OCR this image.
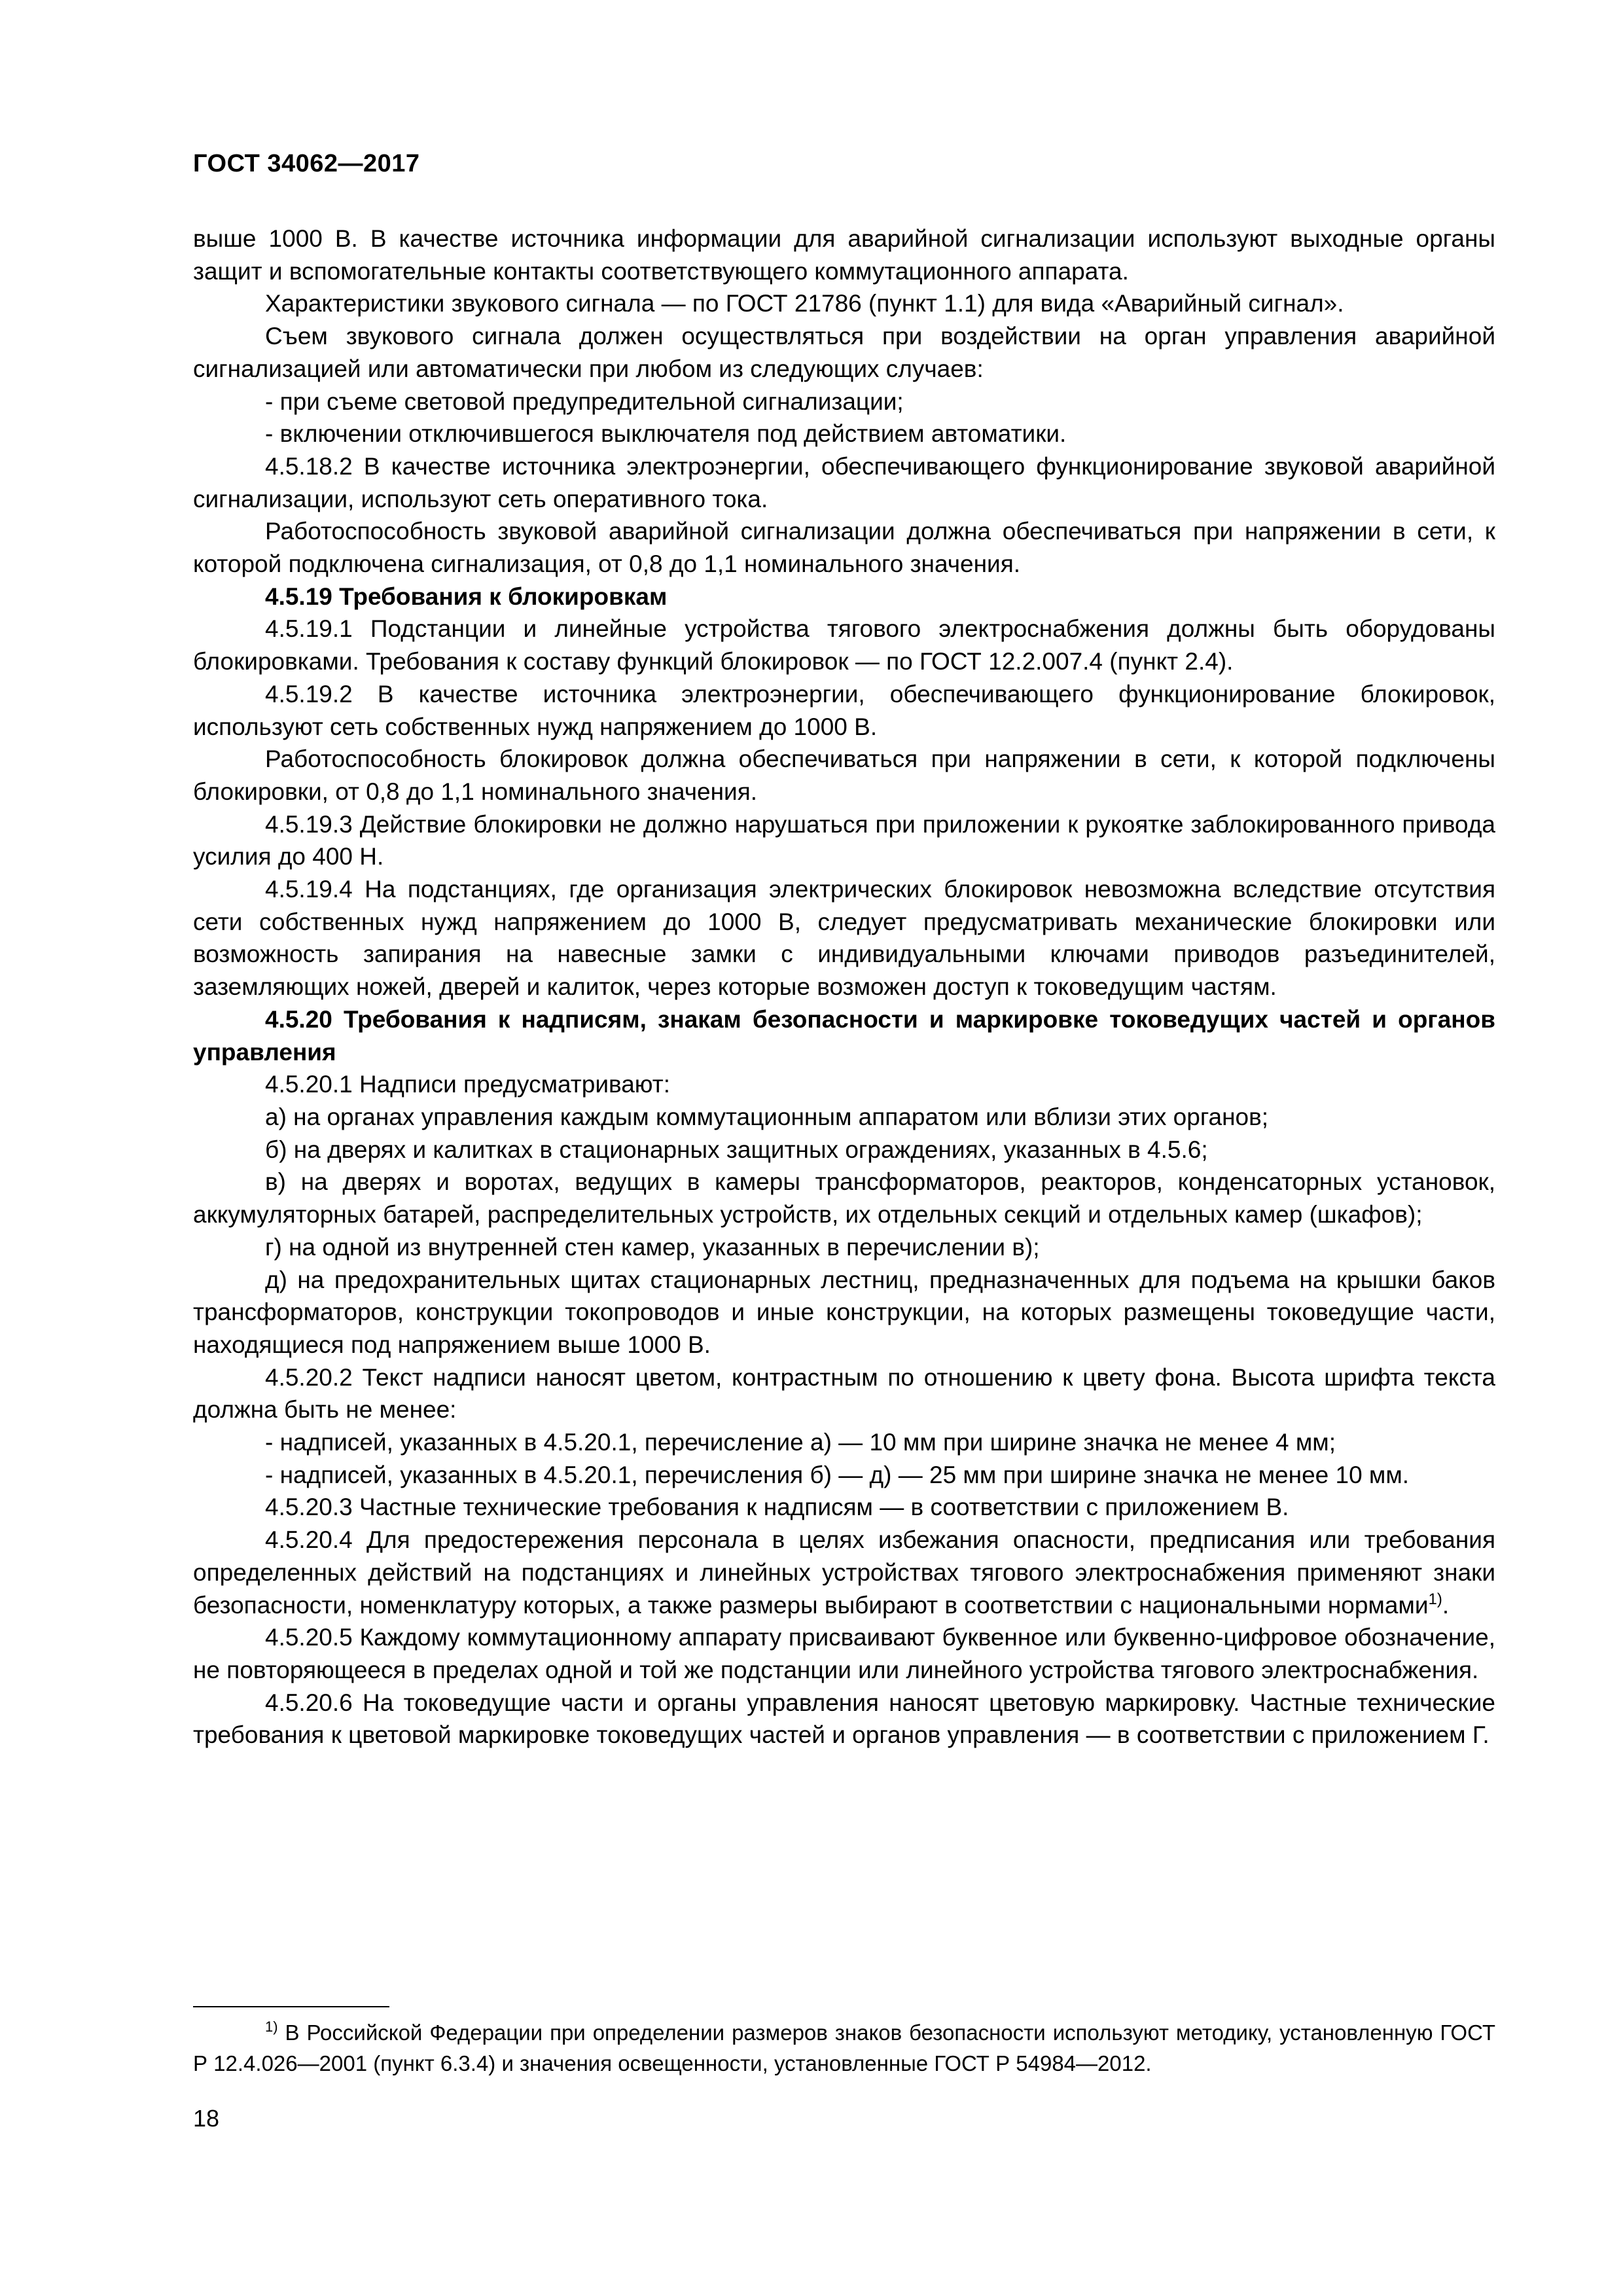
ГОСТ 34062—2017

выше 1000 В. В качестве источника информации для аварийной сигнализации используют выходные органы защит и вспомогательные контакты соответствующего коммутационного аппарата.

Характеристики звукового сигнала — по ГОСТ 21786 (пункт 1.1) для вида «Аварийный сигнал».

Съем звукового сигнала должен осуществляться при воздействии на орган управления аварийной сигнализацией или автоматически при любом из следующих случаев:

- при съеме световой предупредительной сигнализации;

- включении отключившегося выключателя под действием автоматики.

4.5.18.2 В качестве источника электроэнергии, обеспечивающего функционирование звуковой аварийной сигнализации, используют сеть оперативного тока.

Работоспособность звуковой аварийной сигнализации должна обеспечиваться при напряжении в сети, к которой подключена сигнализация, от 0,8 до 1,1 номинального значения.

4.5.19 Требования к блокировкам

4.5.19.1 Подстанции и линейные устройства тягового электроснабжения должны быть оборудованы блокировками. Требования к составу функций блокировок — по ГОСТ 12.2.007.4 (пункт 2.4).

4.5.19.2 В качестве источника электроэнергии, обеспечивающего функционирование блокировок, используют сеть собственных нужд напряжением до 1000 В.

Работоспособность блокировок должна обеспечиваться при напряжении в сети, к которой подключены блокировки, от 0,8 до 1,1 номинального значения.

4.5.19.3 Действие блокировки не должно нарушаться при приложении к рукоятке заблокированного привода усилия до 400 Н.

4.5.19.4 На подстанциях, где организация электрических блокировок невозможна вследствие отсутствия сети собственных нужд напряжением до 1000 В, следует предусматривать механические блокировки или возможность запирания на навесные замки с индивидуальными ключами приводов разъединителей, заземляющих ножей, дверей и калиток, через которые возможен доступ к токоведущим частям.

4.5.20 Требования к надписям, знакам безопасности и маркировке токоведущих частей и органов управления

4.5.20.1 Надписи предусматривают:

а) на органах управления каждым коммутационным аппаратом или вблизи этих органов;

б) на дверях и калитках в стационарных защитных ограждениях, указанных в 4.5.6;

в) на дверях и воротах, ведущих в камеры трансформаторов, реакторов, конденсаторных установок, аккумуляторных батарей, распределительных устройств, их отдельных секций и отдельных камер (шкафов);

г) на одной из внутренней стен камер, указанных в перечислении в);

д) на предохранительных щитах стационарных лестниц, предназначенных для подъема на крышки баков трансформаторов, конструкции токопроводов и иные конструкции, на которых размещены токоведущие части, находящиеся под напряжением выше 1000 В.

4.5.20.2 Текст надписи наносят цветом, контрастным по отношению к цвету фона. Высота шрифта текста должна быть не менее:

- надписей, указанных в 4.5.20.1, перечисление а) — 10 мм при ширине значка не менее 4 мм;

- надписей, указанных в 4.5.20.1, перечисления б) — д) — 25 мм при ширине значка не менее 10 мм.

4.5.20.3 Частные технические требования к надписям — в соответствии с приложением В.

4.5.20.4 Для предостережения персонала в целях избежания опасности, предписания или требования определенных действий на подстанциях и линейных устройствах тягового электроснабжения применяют знаки безопасности, номенклатуру которых, а также размеры выбирают в соответствии с национальными нормами$^{1)}$.

4.5.20.5 Каждому коммутационному аппарату присваивают буквенное или буквенно-цифровое обозначение, не повторяющееся в пределах одной и той же подстанции или линейного устройства тягового электроснабжения.

4.5.20.6 На токоведущие части и органы управления наносят цветовую маркировку. Частные технические требования к цветовой маркировке токоведущих частей и органов управления — в соответствии с приложением Г.

$^{1)}$ В Российской Федерации при определении размеров знаков безопасности используют методику, установленную ГОСТ Р 12.4.026—2001 (пункт 6.3.4) и значения освещенности, установленные ГОСТ Р 54984—2012.

18
